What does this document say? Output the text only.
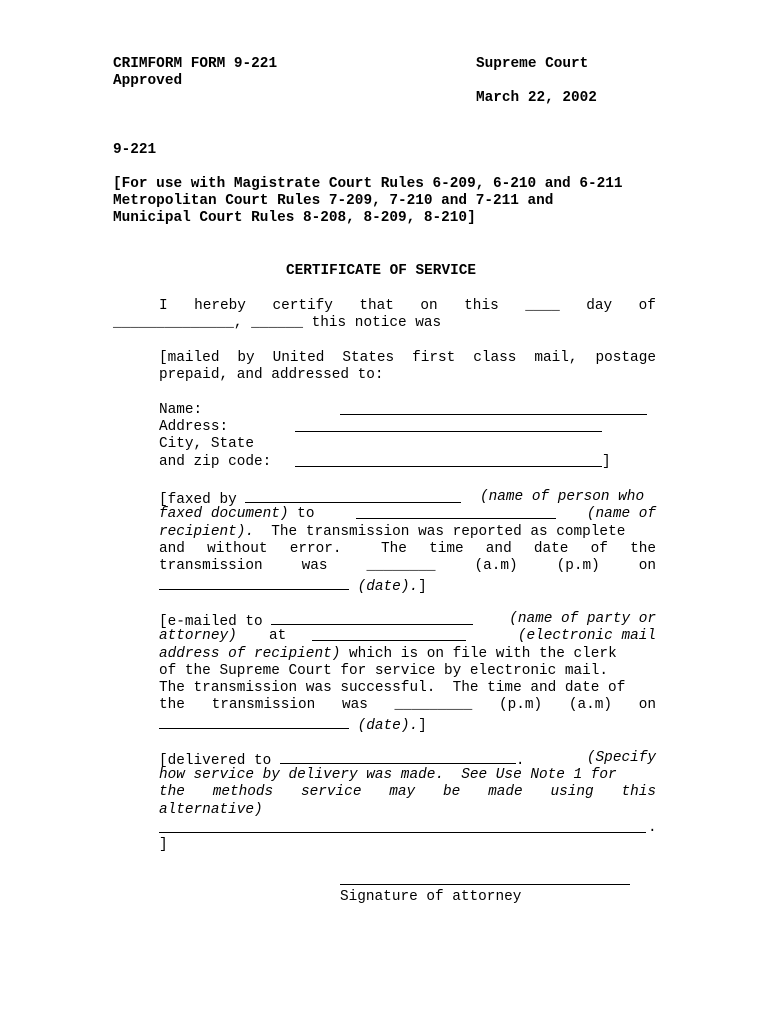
CRIMFORM FORM 9-221
Approved
Supreme Court
March 22, 2002
9-221
[For use with Magistrate Court Rules 6-209, 6-210 and 6-211
Metropolitan Court Rules 7-209, 7-210 and 7-211 and
Municipal Court Rules 8-208, 8-209, 8-210]
CERTIFICATE OF SERVICE
I hereby certify that on this ____ day of
______________, ______ this notice was
[mailed by United States first class mail, postage
prepaid, and addressed to:
Name:
Address:
City, State
and zip code:	]
[faxed by	(name of person who
faxed document) to	(name of
recipient).  The transmission was reported as complete
and without error. The time and date of the
transmission	was	________	(a.m)	(p.m)	on
(date).]
[e-mailed to	(name of party or
attorney) at	(electronic mail
address of recipient) which is on file with the clerk
of the Supreme Court for service by electronic mail.
The transmission was successful.  The time and date of
the transmission was _________ (p.m) (a.m) on
(date).]
[delivered to	.	(Specify
how service by delivery was made.  See Use Note 1 for
the methods service may be made using this
alternative)
.
]
Signature of attorney
